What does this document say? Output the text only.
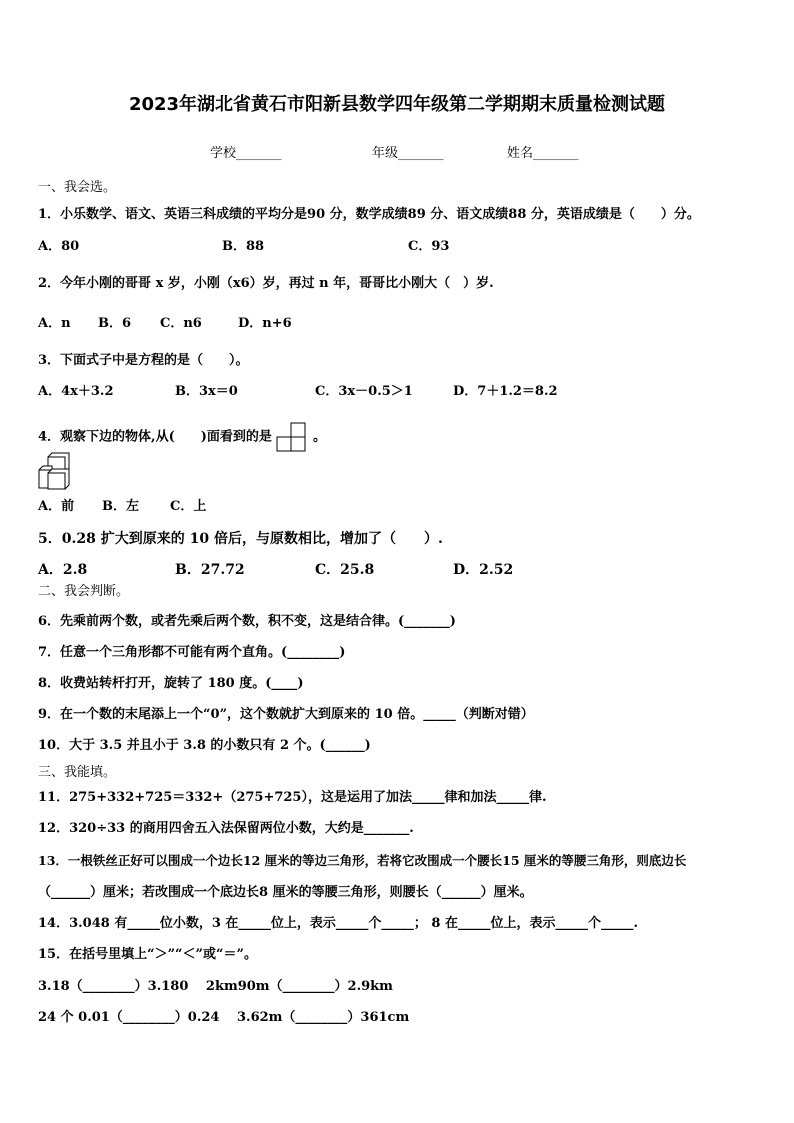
2023年湖北省黄石市阳新县数学四年级第二学期期末质量检测试题
学校_______	年级_______	姓名_______
一、我会选。
1．小乐数学、语文、英语三科成绩的平均分是90 分，数学成绩89 分、语文成绩88 分，英语成绩是（　　）分。
A．80	B．88	C．93
2．今年小刚的哥哥 x 岁，小刚（x6）岁，再过 n 年，哥哥比小刚大（　）岁.
A．n B．6 C．n6	D．n+6
3．下面式子中是方程的是（　　）。
A．4x＋3.2	B．3x＝0	C．3x－0.5＞1	D．7＋1.2＝8.2
4．观察下边的物体,从(　　)面看到的是	。
A．前 B．左 C．上
5．0.28 扩大到原来的 10 倍后，与原数相比，增加了（　　）.
A．2.8	B．27.72	C．25.8	D．2.52
二、我会判断。
6．先乘前两个数，或者先乘后两个数，积不变，这是结合律。(_______)
7．任意一个三角形都不可能有两个直角。(________)
8．收费站转杆打开，旋转了 180 度。(____)
9．在一个数的末尾添上一个“0”，这个数就扩大到原来的 10 倍。_____（判断对错）
10．大于 3.5 并且小于 3.8 的小数只有 2 个。(______)
三、我能填。
11．275+332+725＝332+（275+725），这是运用了加法_____律和加法_____律.
12．320÷33 的商用四舍五入法保留两位小数，大约是_______.
13．一根铁丝正好可以围成一个边长12 厘米的等边三角形，若将它改围成一个腰长15 厘米的等腰三角形，则底边长
（______）厘米；若改围成一个底边长8 厘米的等腰三角形，则腰长（______）厘米。
14．3.048 有_____位小数，3 在_____位上，表示_____个_____； 8 在_____位上，表示_____个_____.
15．在括号里填上“＞”“＜”或“＝”。
3.18（________）3.180　 2km90m（________）2.9km
24 个 0.01（________）0.24　 3.62m（________）361cm
